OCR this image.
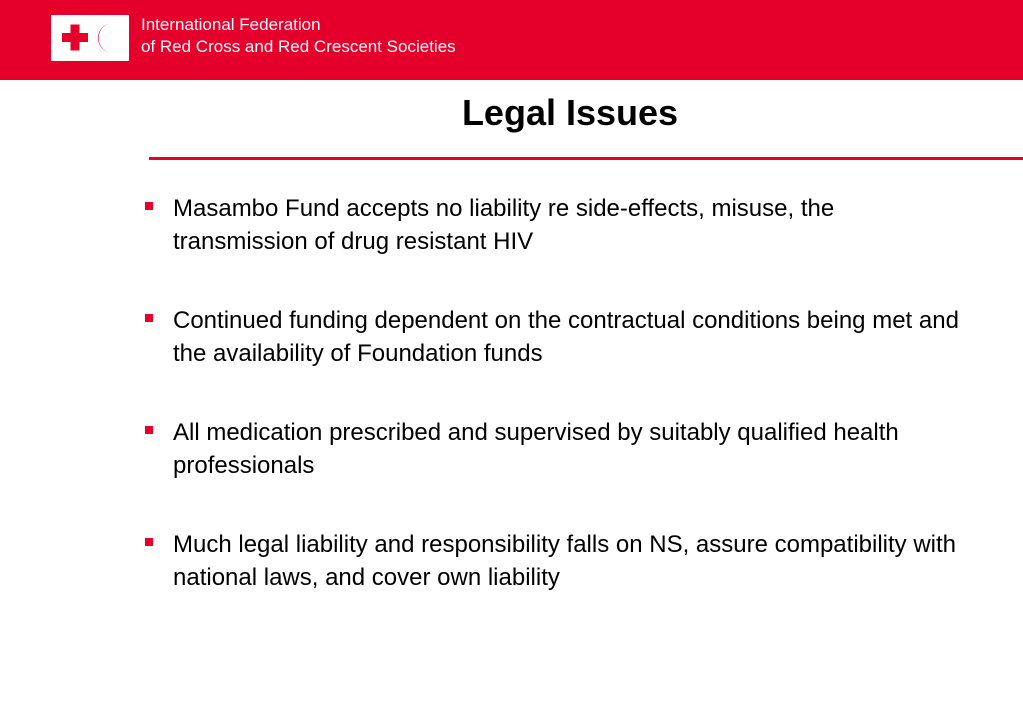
International Federation
of Red Cross and Red Crescent Societies
Legal Issues
Masambo Fund accepts no liability re side-effects, misuse, the transmission of drug resistant HIV
Continued funding dependent on the contractual conditions being met and the availability of Foundation funds
All medication prescribed and supervised by suitably qualified health professionals
Much legal liability and responsibility falls on NS, assure compatibility with national laws, and cover own liability
